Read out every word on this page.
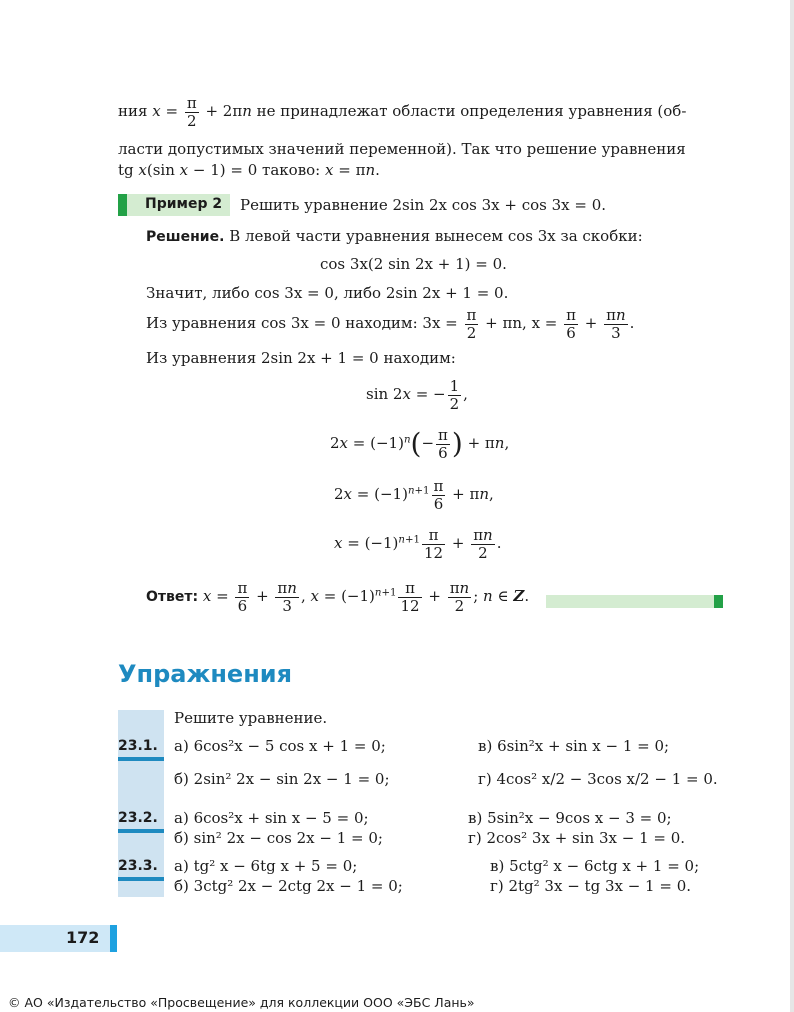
ния $x = \frac{\pi}{2} + 2\pi n$ не принадлежат области определения уравнения (об-
ласти допустимых значений переменной). Так что решение уравнения
tg x(sin x − 1) = 0 таково: x = πn.
Пример 2 Решить уравнение 2sin 2x cos 3x + cos 3x = 0.
Решение. В левой части уравнения вынесем cos 3x за скобки:
cos 3x(2 sin 2x + 1) = 0.
Значит, либо cos 3x = 0, либо 2sin 2x + 1 = 0.
Из уравнения cos 3x = 0 находим: $3x = \frac{\pi}{2} + \pi n$, $x = \frac{\pi}{6} + \frac{\pi n}{3}$ .
Из уравнения 2sin 2x + 1 = 0 находим:
sin 2x = − $\frac{1}{2}$ ,
$2x = (-1)^n(- \frac{\pi}{6}$ ) + πn,
$2x = (-1)^{n+1} \frac{\pi}{6} + \pi n$,
$x = (-1)^{n+1} \frac{\pi}{12} + \frac{\pi n}{2}$ .
Ответ: $x = \frac{\pi}{6} + \frac{\pi n}{3}$ , $x = (-1)^{n+1} \frac{\pi}{12} + \frac{\pi n}{2}$ ; n ∈ Z.
Упражнения
Решите уравнение.
23.1. а) 6cos²x − 5 cos x + 1 = 0;	в) 6sin²x + sin x − 1 = 0;
б) 2sin² 2x − sin 2x − 1 = 0;	г) 4cos² x/2 − 3cos x/2 − 1 = 0.
23.2. а) 6cos²x + sin x − 5 = 0;	в) 5sin²x − 9cos x − 3 = 0;
б) sin² 2x − cos 2x − 1 = 0;	г) 2cos² 3x + sin 3x − 1 = 0.
23.3. а) tg² x − 6tg x + 5 = 0;	в) 5ctg² x − 6ctg x + 1 = 0;
б) 3ctg² 2x − 2ctg 2x − 1 = 0;	г) 2tg² 3x − tg 3x − 1 = 0.
172
© АО «Издательство «Просвещение» для коллекции ООО «ЭБС Лань»
